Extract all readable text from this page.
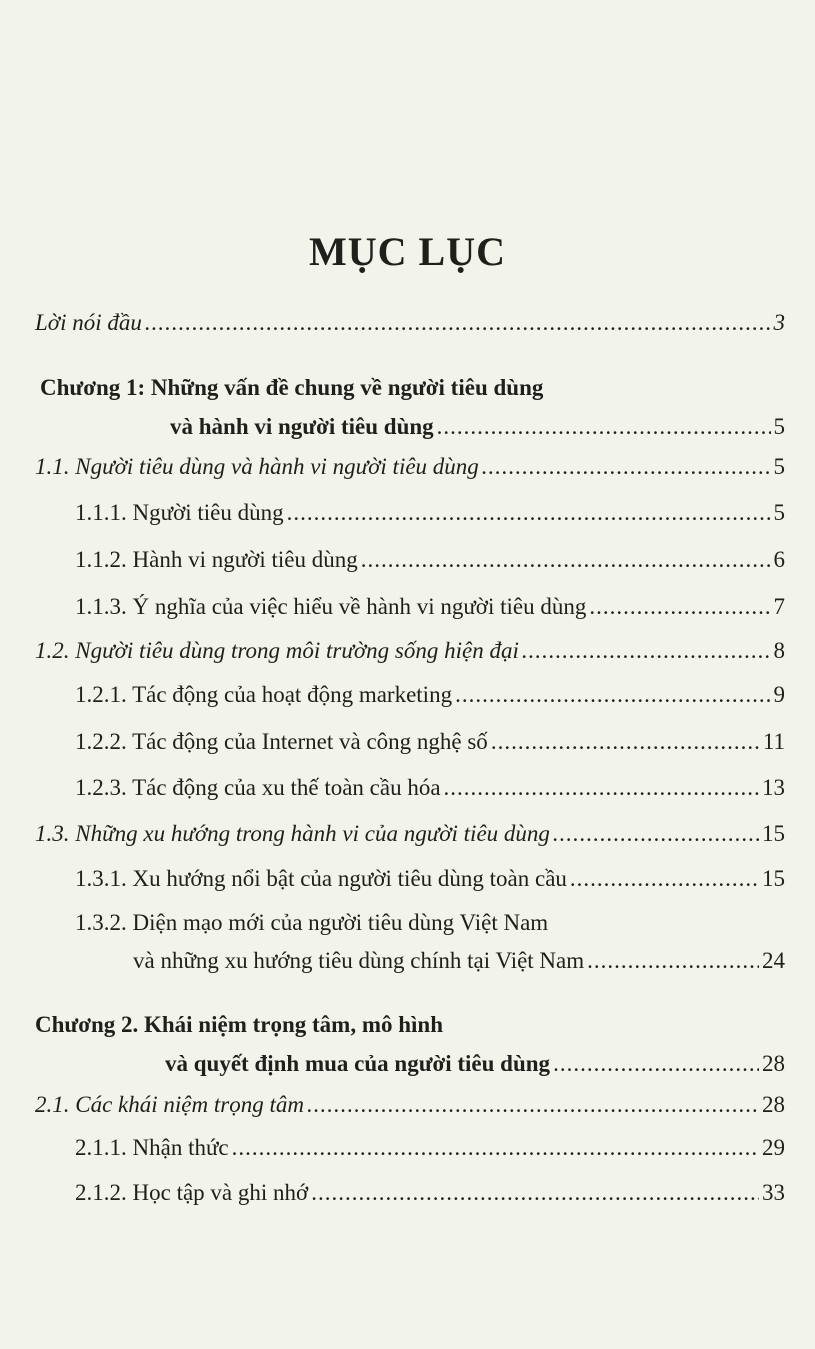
MỤC LỤC
Lời nói đầu .....	3
Chương 1: Những vấn đề chung về người tiêu dùng
và hành vi người tiêu dùng .....	5
1.1. Người tiêu dùng và hành vi người tiêu dùng .....	5
1.1.1. Người tiêu dùng .....	5
1.1.2. Hành vi người tiêu dùng .....	6
1.1.3. Ý nghĩa của việc hiểu về hành vi người tiêu dùng .....	7
1.2. Người tiêu dùng trong môi trường sống hiện đại .....	8
1.2.1. Tác động của hoạt động marketing .....	9
1.2.2. Tác động của Internet và công nghệ số .....	11
1.2.3. Tác động của xu thế toàn cầu hóa .....	13
1.3. Những xu hướng trong hành vi của người tiêu dùng .....	15
1.3.1. Xu hướng nổi bật của người tiêu dùng toàn cầu .....	15
1.3.2. Diện mạo mới của người tiêu dùng Việt Nam
và những xu hướng tiêu dùng chính tại Việt Nam .....	24
Chương 2. Khái niệm trọng tâm, mô hình
và quyết định mua của người tiêu dùng .....	28
2.1. Các khái niệm trọng tâm .....	28
2.1.1. Nhận thức .....	29
2.1.2. Học tập và ghi nhớ .....	33
